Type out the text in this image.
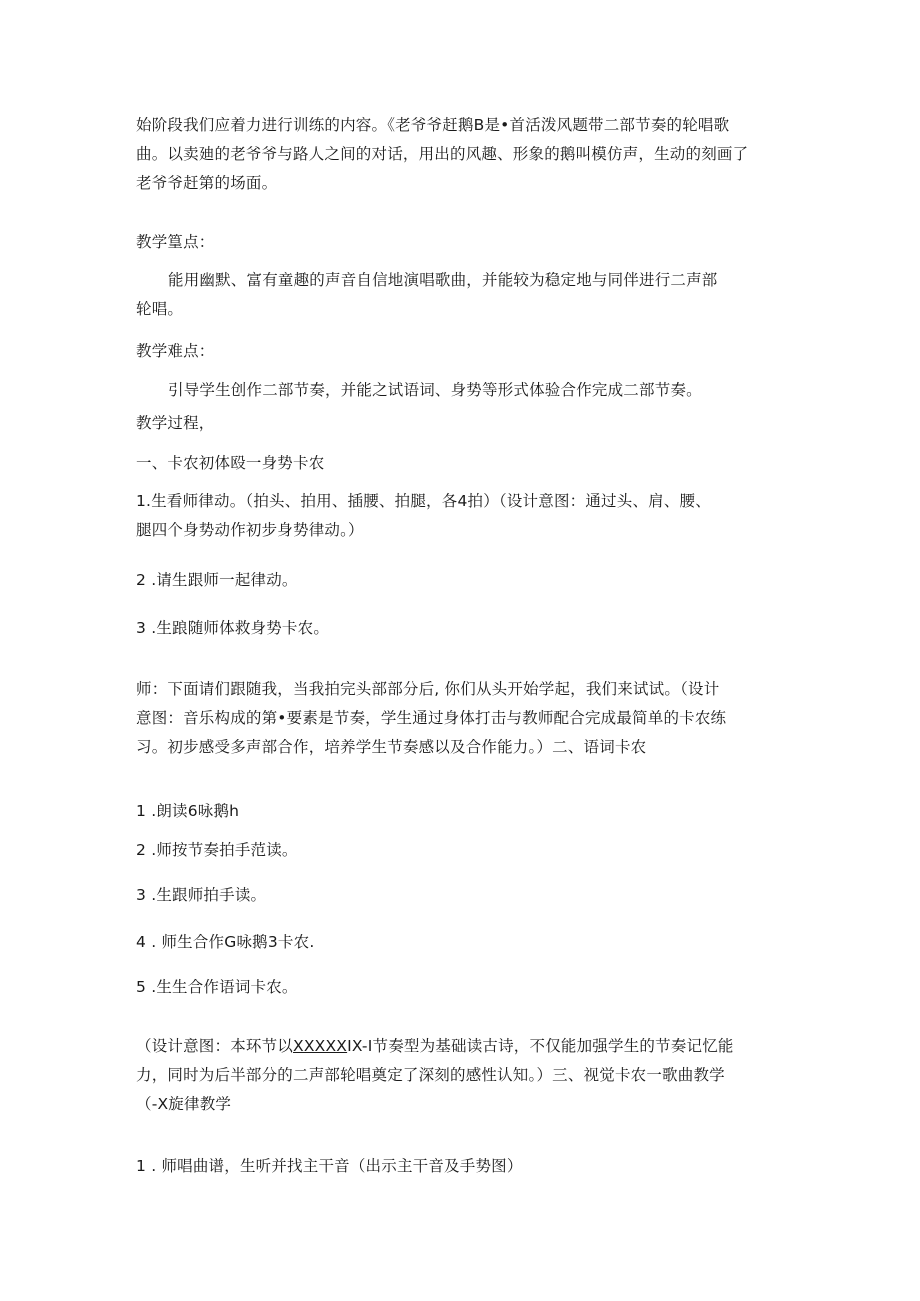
始阶段我们应着力进行训练的内容。《老爷爷赶鹅B是•首活泼风题带二部节奏的轮唱歌
曲。以卖廸的老爷爷与路人之间的对话，用出的风趣、形象的鹅叫模仿声，生动的刻画了
老爷爷赶第的场面。

教学篁点：

能用幽默、富有童趣的声音自信地演唱歌曲，并能较为稳定地与同伴进行二声部
轮唱。

教学难点：

引导学生创作二部节奏，并能之试语词、身势等形式体验合作完成二部节奏。

教学过程，

一、卡农初体殴一身势卡农

1.生看师律动。（拍头、拍用、插腰、拍腿，各4拍）（设计意图：通过头、肩、腰、
腿四个身势动作初步身势律动。）

2 .请生跟师一起律动。

3 .生踉随师体救身势卡农。

师：下面请们跟随我，当我拍完头部部分后, 你们从头开始学起，我们来试试。（设计
意图：音乐构成的第•要素是节奏，学生通过身体打击与教师配合完成最简单的卡农练
习。初步感受多声部合作，培养学生节奏感以及合作能力。）二、语词卡农

1 .朗读6咏鹅h

2 .师按节奏拍手范读。

3 .生跟师拍手读。

4 . 师生合作G咏鹅3卡农.

5 .生生合作语词卡农。

（设计意图：本环节以XXXXXIX-I节奏型为基础读古诗，不仅能加强学生的节奏记忆能
力，同时为后半部分的二声部轮唱奠定了深刻的感性认知。）三、视觉卡农一歌曲教学
（-X旋律教学

1 . 师唱曲谱，生听并找主干音（出示主干音及手势图）
